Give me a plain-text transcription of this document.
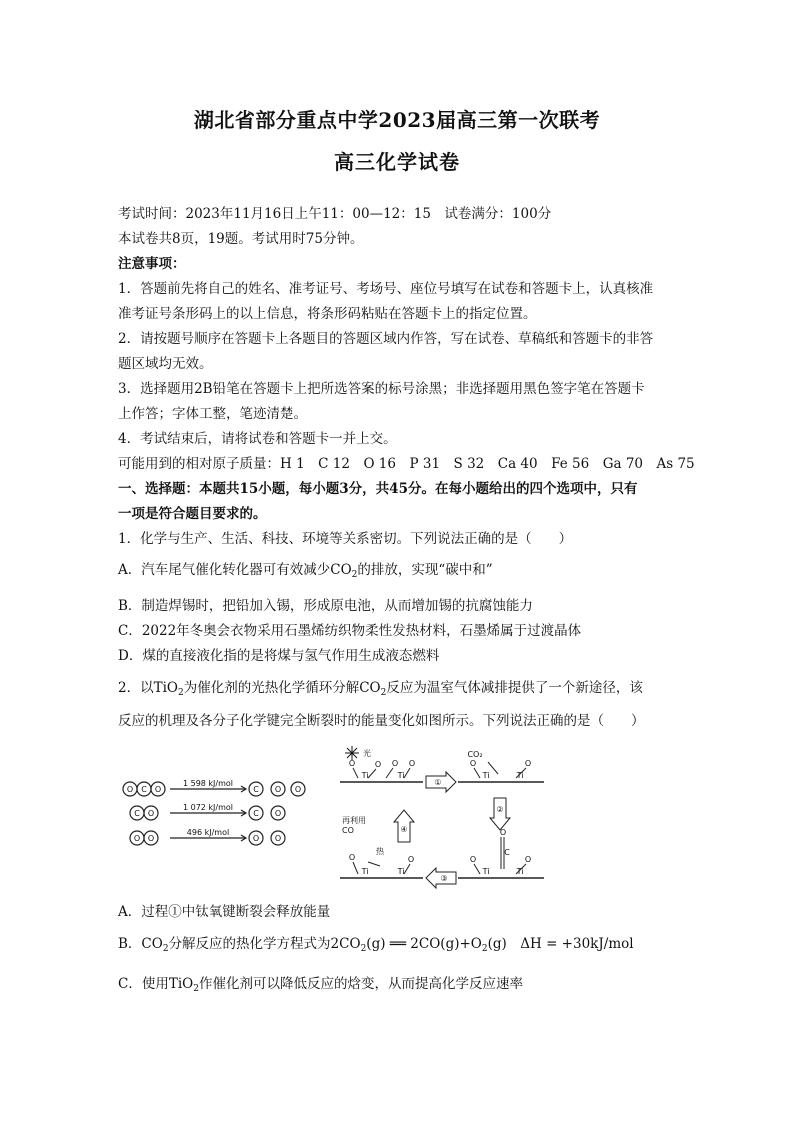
湖北省部分重点中学2023届高三第一次联考
高三化学试卷
考试时间：2023年11月16日上午11：00—12：15　试卷满分：100分
本试卷共8页，19题。考试用时75分钟。
注意事项：
1．答题前先将自己的姓名、准考证号、考场号、座位号填写在试卷和答题卡上，认真核准
准考证号条形码上的以上信息，将条形码粘贴在答题卡上的指定位置。
2．请按题号顺序在答题卡上各题目的答题区域内作答，写在试卷、草稿纸和答题卡的非答
题区域均无效。
3．选择题用2B铅笔在答题卡上把所选答案的标号涂黑；非选择题用黑色签字笔在答题卡
上作答；字体工整，笔迹清楚。
4．考试结束后，请将试卷和答题卡一并上交。
可能用到的相对原子质量：H 1　C 12　O 16　P 31　S 32　Ca 40　Fe 56　Ga 70　As 75
一、选择题：本题共15小题，每小题3分，共45分。在每小题给出的四个选项中，只有
一项是符合题目要求的。
1．化学与生产、生活、科技、环境等关系密切。下列说法正确的是（　　）
A．汽车尾气催化转化器可有效减少$CO_2$的排放，实现“碳中和”
B．制造焊锡时，把铅加入锡，形成原电池，从而增加锡的抗腐蚀能力
C．2022年冬奥会衣物采用石墨烯纺织物柔性发热材料，石墨烯属于过渡晶体
D．煤的直接液化指的是将煤与氢气作用生成液态燃料
2．以TiO$_2$为催化剂的光热化学循环分解$CO_2$反应为温室气体减排提供了一个新途径，该
反应的机理及各分子化学键完全断裂时的能量变化如图所示。下列说法正确的是（　　）
O C O	C O O
C O	C O
O O	O O
1 598 kJ/mol
1 072 kJ/mol
496 kJ/mol
光
O O O O
Ti	Ti
CO₂
O	O
Ti	Ti
再利用
CO
热
O	O
Ti	Ti
O
C
O	O
Ti	Ti
①
②
③
④
A．过程①中钛氧键断裂会释放能量
B．$CO_2$分解反应的热化学方程式为$2CO_2(g)$ ══ $2CO(g)+O_2(g)$　ΔH = +30kJ/mol
C．使用TiO$_2$作催化剂可以降低反应的焓变，从而提高化学反应速率
